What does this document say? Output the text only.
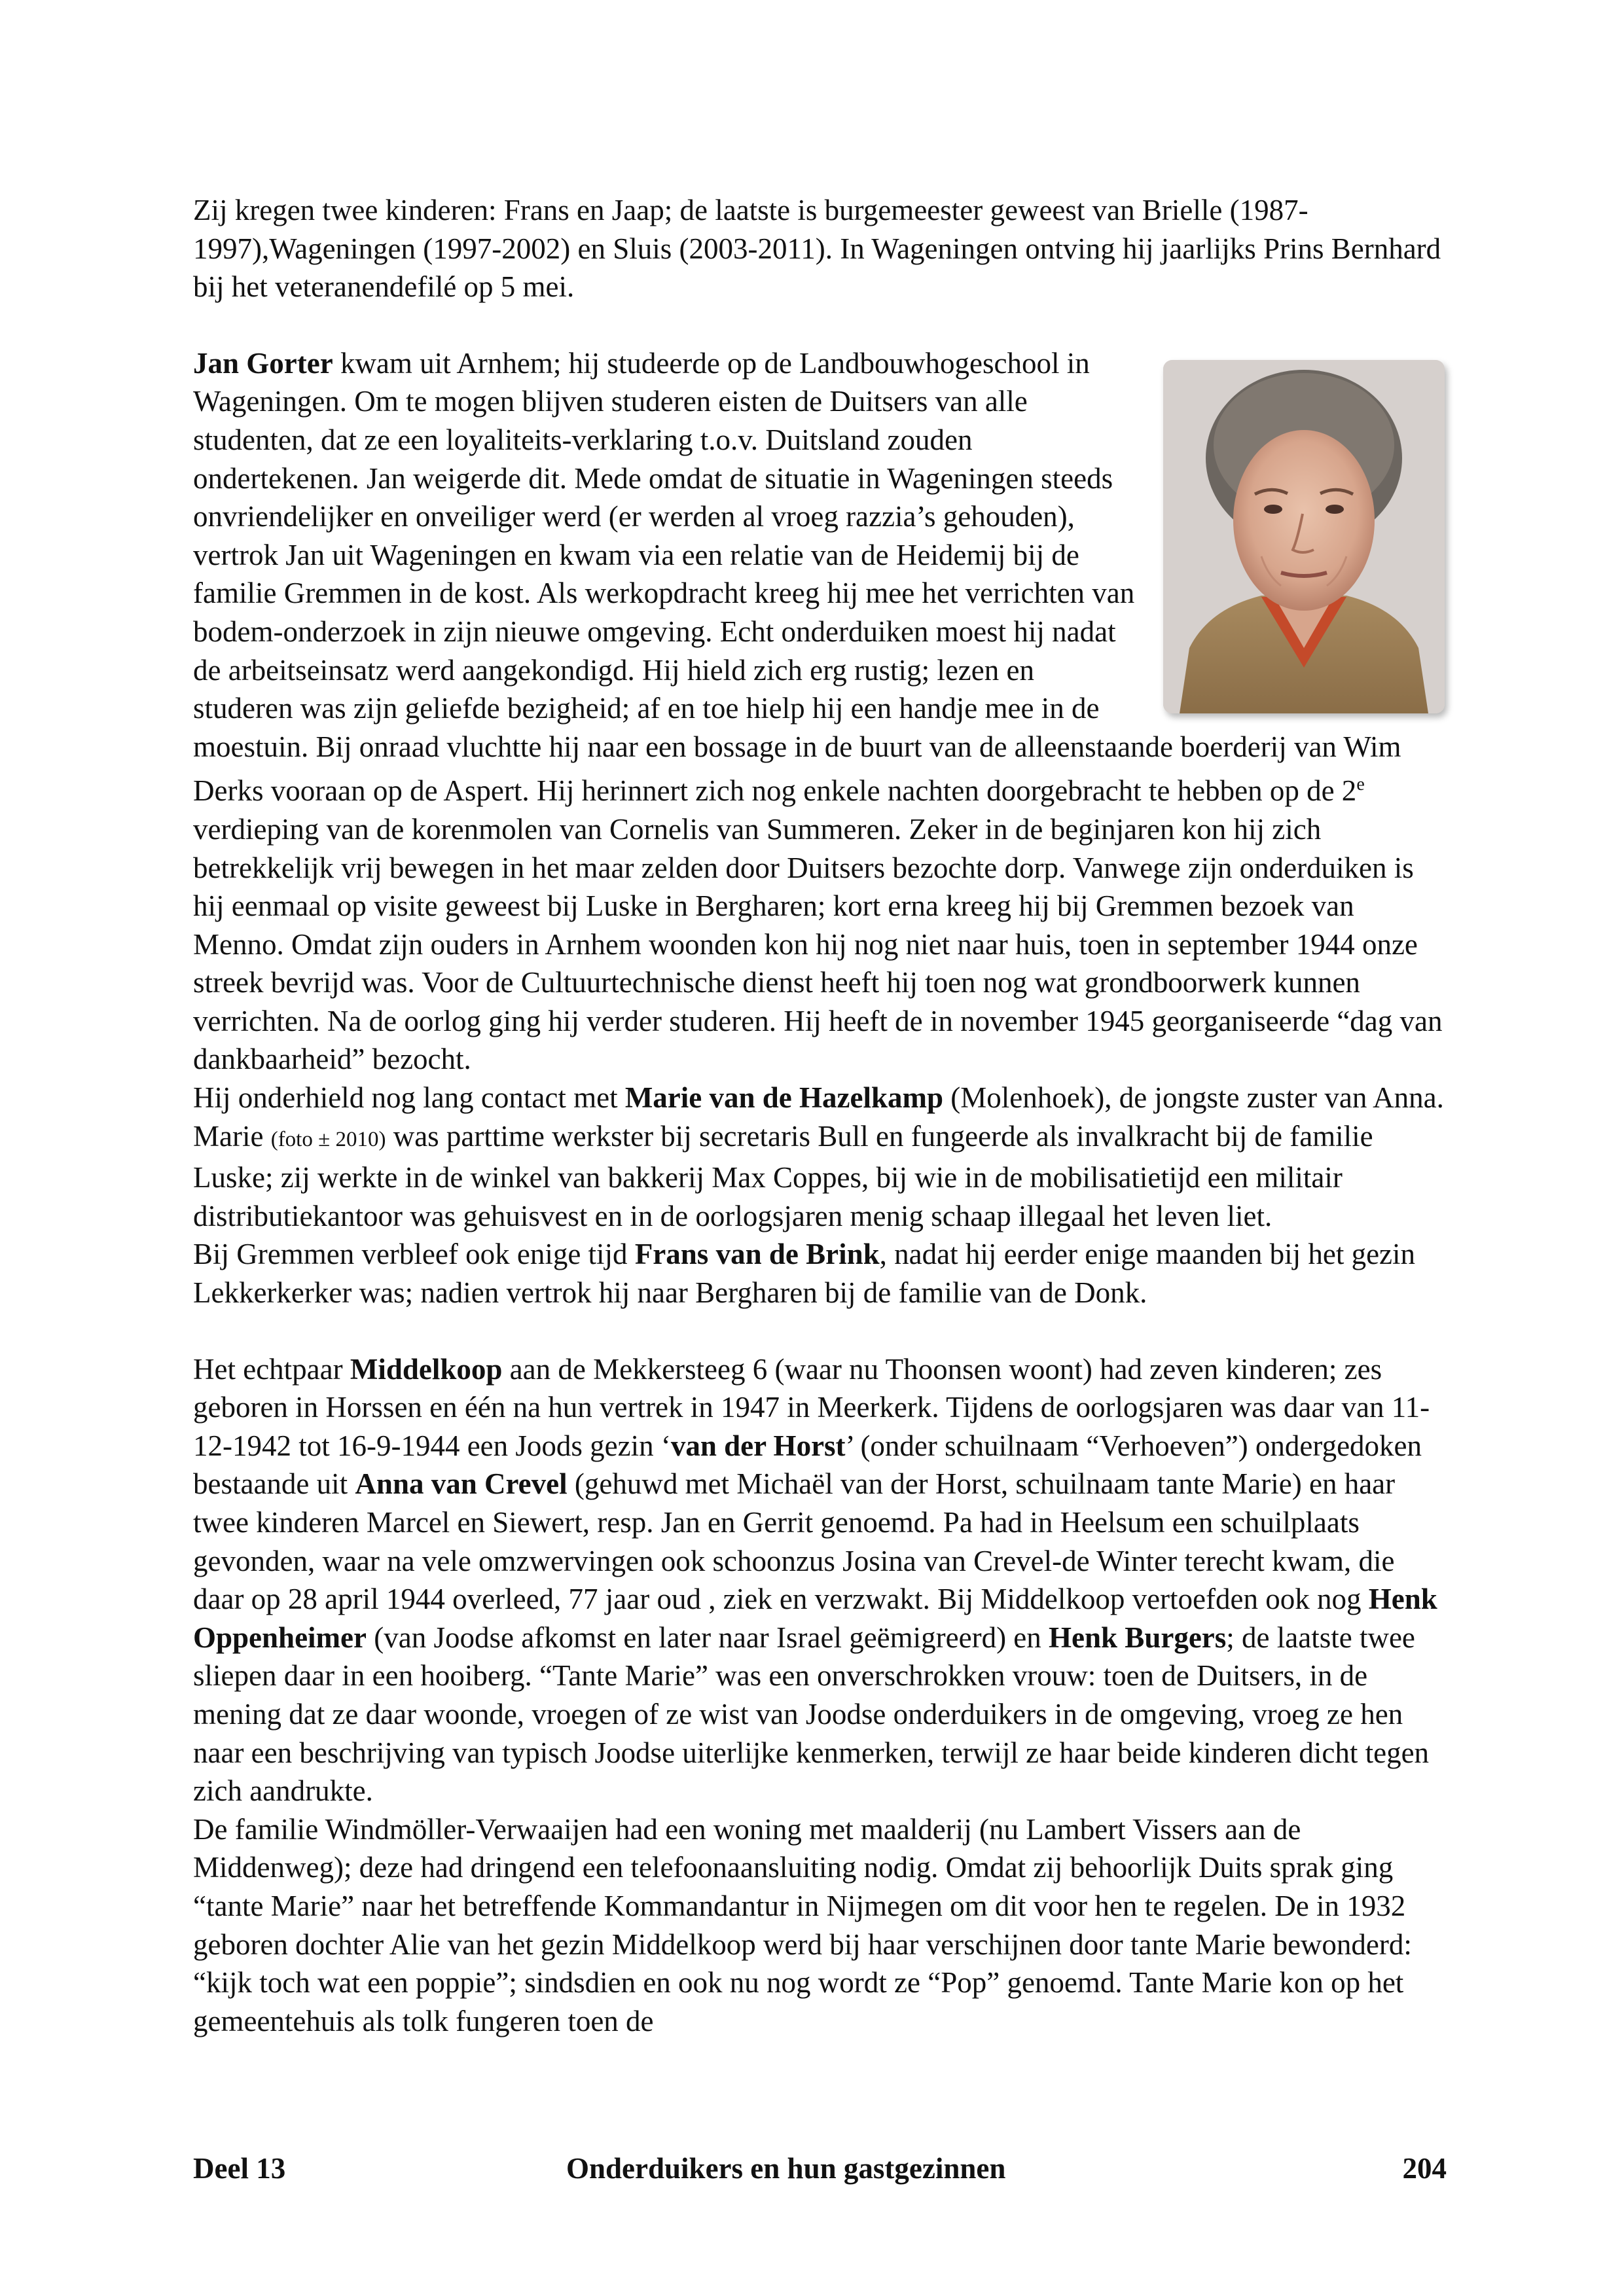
Zij kregen twee kinderen: Frans en Jaap; de laatste is burgemeester geweest van Brielle (1987-1997),Wageningen (1997-2002) en Sluis (2003-2011). In Wageningen ontving hij jaarlijks Prins Bernhard bij het veteranendefilé op 5 mei.

Jan Gorter kwam uit Arnhem; hij studeerde op de Landbouwhogeschool in Wageningen. Om te mogen blijven studeren eisten de Duitsers van alle studenten, dat ze een loyaliteits-verklaring t.o.v. Duitsland zouden ondertekenen. Jan weigerde dit. Mede omdat de situatie in Wageningen steeds onvriendelijker en onveiliger werd (er werden al vroeg razzia’s gehouden), vertrok Jan uit Wageningen en kwam via een relatie van de Heidemij bij de familie Gremmen in de kost. Als werkopdracht kreeg hij mee het verrichten van bodem-onderzoek in zijn nieuwe omgeving. Echt onderduiken moest hij nadat de arbeitseinsatz werd aangekondigd. Hij hield zich erg rustig; lezen en studeren was zijn geliefde bezigheid; af en toe hielp hij een handje mee in de moestuin. Bij onraad vluchtte hij naar een bossage in de buurt van de alleenstaande boerderij van Wim Derks vooraan op de Aspert. Hij herinnert zich nog enkele nachten doorgebracht te hebben op de 2e verdieping van de korenmolen van Cornelis van Summeren. Zeker in de beginjaren kon hij zich betrekkelijk vrij bewegen in het maar zelden door Duitsers bezochte dorp. Vanwege zijn onderduiken is hij eenmaal op visite geweest bij Luske in Bergharen; kort erna kreeg hij bij Gremmen bezoek van Menno. Omdat zijn ouders in Arnhem woonden kon hij nog niet naar huis, toen in september 1944 onze streek bevrijd was. Voor de Cultuurtechnische dienst heeft hij toen nog wat grondboorwerk kunnen verrichten. Na de oorlog ging hij verder studeren. Hij heeft de in november 1945 georganiseerde “dag van dankbaarheid” bezocht.
Hij onderhield nog lang contact met Marie van de Hazelkamp (Molenhoek), de jongste zuster van Anna. Marie (foto ± 2010) was parttime werkster bij secretaris Bull en fungeerde als invalkracht bij de familie Luske; zij werkte in de winkel van bakkerij Max Coppes, bij wie in de mobilisatietijd een militair distributiekantoor was gehuisvest en in de oorlogsjaren menig schaap illegaal het leven liet.
Bij Gremmen verbleef ook enige tijd Frans van de Brink, nadat hij eerder enige maanden bij het gezin Lekkerkerker was; nadien vertrok hij naar Bergharen bij de familie van de Donk.

Het echtpaar Middelkoop aan de Mekkersteeg 6 (waar nu Thoonsen woont) had zeven kinderen; zes geboren in Horssen en één na hun vertrek in 1947 in Meerkerk. Tijdens de oorlogsjaren was daar van 11-12-1942 tot 16-9-1944 een Joods gezin ‘van der Horst’ (onder schuilnaam “Verhoeven”) ondergedoken bestaande uit Anna van Crevel (gehuwd met Michaël van der Horst, schuilnaam tante Marie) en haar twee kinderen Marcel en Siewert, resp. Jan en Gerrit genoemd. Pa had in Heelsum een schuilplaats gevonden, waar na vele omzwervingen ook schoonzus Josina van Crevel-de Winter terecht kwam, die daar op 28 april 1944 overleed, 77 jaar oud , ziek en verzwakt. Bij Middelkoop vertoefden ook nog Henk Oppenheimer (van Joodse afkomst en later naar Israel geëmigreerd) en Henk Burgers; de laatste twee sliepen daar in een hooiberg. “Tante Marie” was een onverschrokken vrouw: toen de Duitsers, in de mening dat ze daar woonde, vroegen of ze wist van Joodse onderduikers in de omgeving, vroeg ze hen naar een beschrijving van typisch Joodse uiterlijke kenmerken, terwijl ze haar beide kinderen dicht tegen zich aandrukte.

De familie Windmöller-Verwaaijen had een woning met maalderij (nu Lambert Vissers aan de Middenweg); deze had dringend een telefoonaansluiting nodig. Omdat zij behoorlijk Duits sprak ging “tante Marie” naar het betreffende Kommandantur in Nijmegen om dit voor hen te regelen. De in 1932 geboren dochter Alie van het gezin Middelkoop werd bij haar verschijnen door tante Marie bewonderd: “kijk toch wat een poppie”; sindsdien en ook nu nog wordt ze “Pop” genoemd. Tante Marie kon op het gemeentehuis als tolk fungeren toen de

Deel 13	Onderduikers en hun gastgezinnen	204
